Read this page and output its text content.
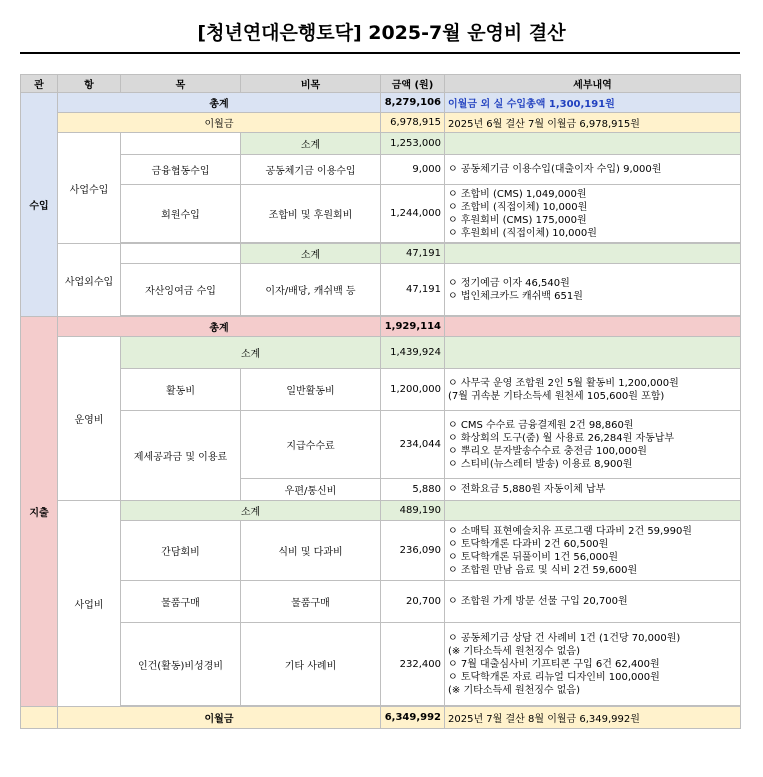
[청년연대은행토닥] 2025-7월 운영비 결산
관	항	목	비목	금액 (원)	세부내역
수입	총계			8,279,106	이월금 외 실 수입총액 1,300,191원
	이월금			6,978,915	2025년 6월 결산 7월 이월금 6,978,915원
	사업수입		소계	1,253,000	
		금융협동수입	공동체기금 이용수입	9,000	ㅇ 공동체기금 이용수입(대출이자 수입) 9,000원

		회원수입	조합비 및 후원회비	1,244,000	ㅇ 조합비 (CMS) 1,049,000원
ㅇ 조합비 (직접이체) 10,000원
ㅇ 후원회비 (CMS) 175,000원
ㅇ 후원회비 (직접이체) 10,000원

	사업외수입		소계	47,191	
		자산잉여금 수입	이자/배당, 캐쉬백 등	47,191	ㅇ 정기예금 이자 46,540원
ㅇ 법인체크카드 캐쉬백 651원

지출	총계			1,929,114	
	운영비	소계		1,439,924	
		활동비	일반활동비	1,200,000	ㅇ 사무국 운영 조합원 2인 5월 활동비 1,200,000원
(7월 귀속분 기타소득세 원천세 105,600원 포함)

		제세공과금 및 이용료	지급수수료	234,044	ㅇ CMS 수수료 금융결제원 2건 98,860원
ㅇ 화상회의 도구(줌) 월 사용료 26,284원 자동납부
ㅇ 뿌리오 문자발송수수료 충전금 100,000원
ㅇ 스티비(뉴스레터 발송) 이용료 8,900원

			우편/통신비	5,880	ㅇ 전화요금 5,880원 자동이체 납부

	사업비	소계		489,190	
		간담회비	식비 및 다과비	236,090	ㅇ 소매틱 표현예술치유 프로그램 다과비 2건 59,990원
ㅇ 토닥학개론 다과비 2건 60,500원
ㅇ 토닥학개론 뒤풀이비 1건 56,000원
ㅇ 조합원 만남 음료 및 식비 2건 59,600원

		물품구매	물품구매	20,700	ㅇ 조합원 가게 방문 선물 구입 20,700원

		인건(활동)비성경비	기타 사례비	232,400	ㅇ 공동체기금 상담 건 사례비 1건 (1건당 70,000원)
(※ 기타소득세 원천징수 없음)
ㅇ 7월 대출심사비 기프티콘 구입 6건 62,400원
ㅇ 토닥학개론 자료 리뉴얼 디자인비 100,000원
(※ 기타소득세 원천징수 없음)

	이월금			6,349,992	2025년 7월 결산 8월 이월금 6,349,992원
